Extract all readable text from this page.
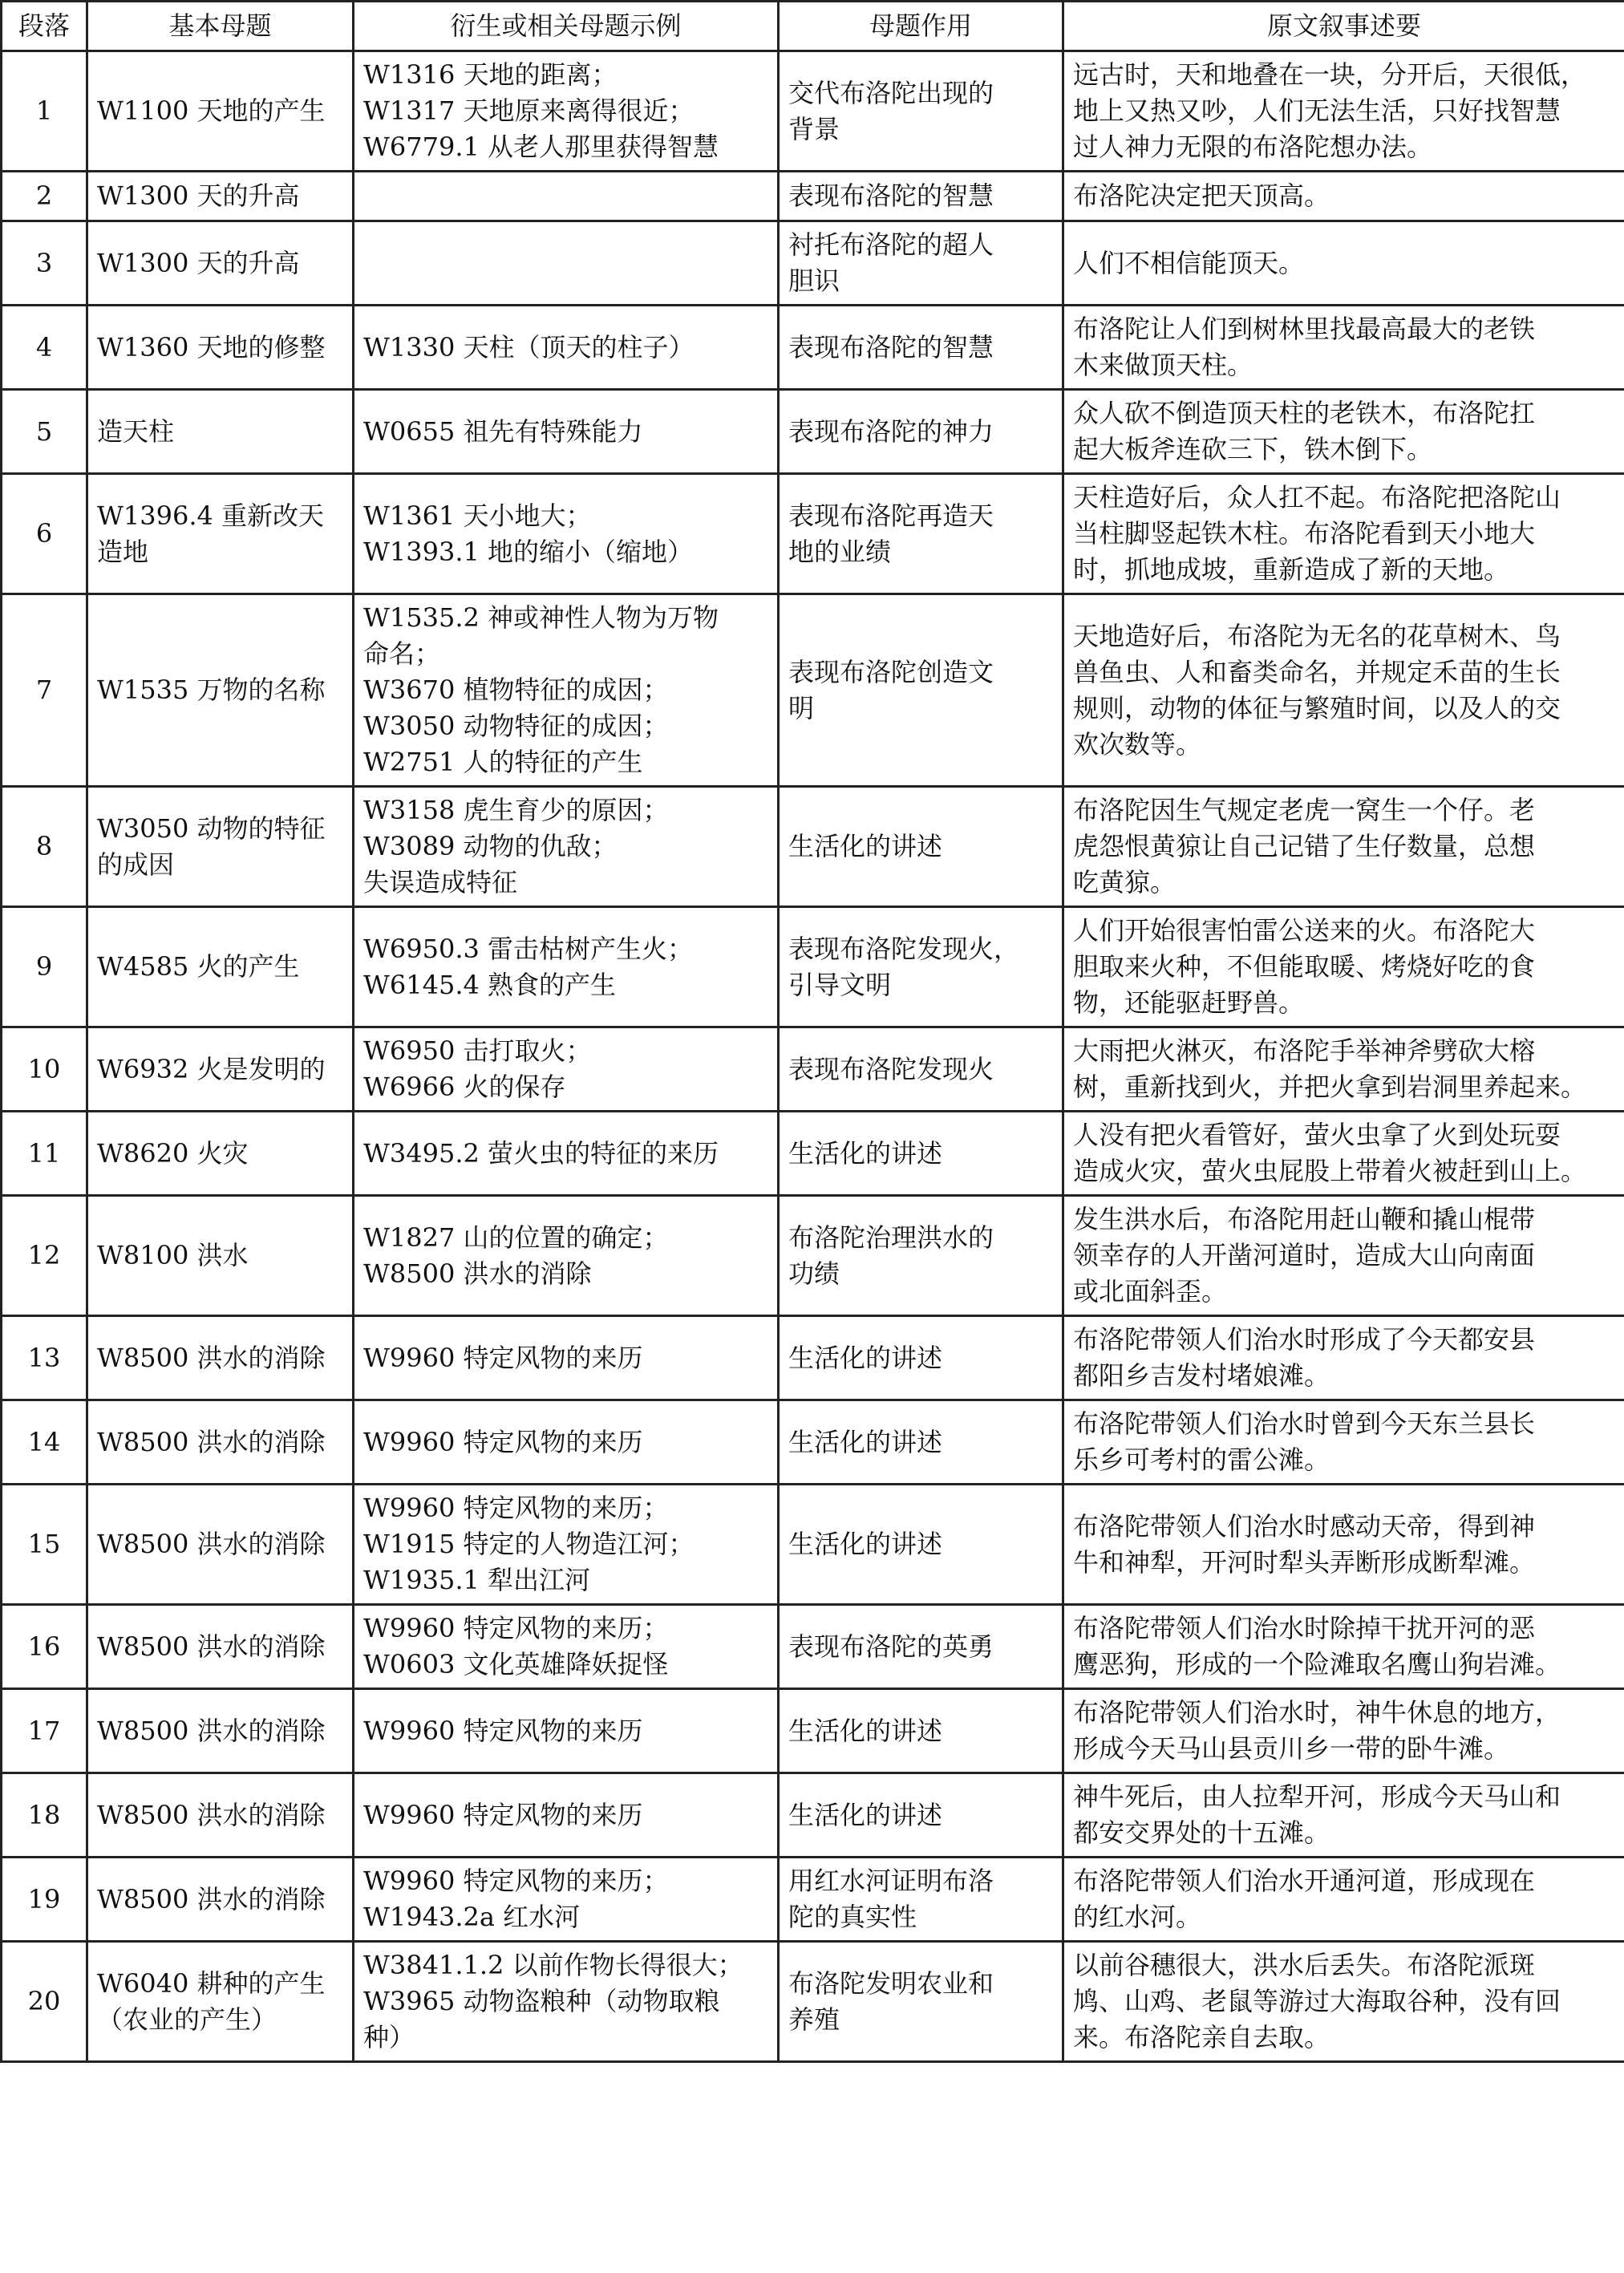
段落	基本母题	衍生或相关母题示例	母题作用	原文叙事述要
1	W1100 天地的产生	W1316 天地的距离；
W1317 天地原来离得很近；
W6779.1 从老人那里获得智慧	交代布洛陀出现的
背景	远古时，天和地叠在一块，分开后，天很低，
地上又热又吵，人们无法生活，只好找智慧
过人神力无限的布洛陀想办法。

2	W1300 天的升高		表现布洛陀的智慧	布洛陀决定把天顶高。

3	W1300 天的升高		衬托布洛陀的超人
胆识	人们不相信能顶天。

4	W1360 天地的修整	W1330 天柱（顶天的柱子）	表现布洛陀的智慧	布洛陀让人们到树林里找最高最大的老铁
木来做顶天柱。

5	造天柱	W0655 祖先有特殊能力	表现布洛陀的神力	众人砍不倒造顶天柱的老铁木，布洛陀扛
起大板斧连砍三下，铁木倒下。

6	W1396.4 重新改天
造地	W1361 天小地大；
W1393.1 地的缩小（缩地）	表现布洛陀再造天
地的业绩	天柱造好后，众人扛不起。布洛陀把洛陀山
当柱脚竖起铁木柱。布洛陀看到天小地大
时，抓地成坡，重新造成了新的天地。

7	W1535 万物的名称	W1535.2 神或神性人物为万物
命名；
W3670 植物特征的成因；
W3050 动物特征的成因；
W2751 人的特征的产生	表现布洛陀创造文
明	天地造好后，布洛陀为无名的花草树木、鸟
兽鱼虫、人和畜类命名，并规定禾苗的生长
规则，动物的体征与繁殖时间，以及人的交
欢次数等。

8	W3050 动物的特征
的成因	W3158 虎生育少的原因；
W3089 动物的仇敌；
失误造成特征	生活化的讲述	布洛陀因生气规定老虎一窝生一个仔。老
虎怨恨黄猄让自己记错了生仔数量，总想
吃黄猄。

9	W4585 火的产生	W6950.3 雷击枯树产生火；
W6145.4 熟食的产生	表现布洛陀发现火，
引导文明	人们开始很害怕雷公送来的火。布洛陀大
胆取来火种，不但能取暖、烤烧好吃的食
物，还能驱赶野兽。

10	W6932 火是发明的	W6950 击打取火；
W6966 火的保存	表现布洛陀发现火	大雨把火淋灭，布洛陀手举神斧劈砍大榕
树，重新找到火，并把火拿到岩洞里养起来。

11	W8620 火灾	W3495.2 萤火虫的特征的来历	生活化的讲述	人没有把火看管好，萤火虫拿了火到处玩耍
造成火灾，萤火虫屁股上带着火被赶到山上。

12	W8100 洪水	W1827 山的位置的确定；
W8500 洪水的消除	布洛陀治理洪水的
功绩	发生洪水后，布洛陀用赶山鞭和撬山棍带
领幸存的人开凿河道时，造成大山向南面
或北面斜歪。

13	W8500 洪水的消除	W9960 特定风物的来历	生活化的讲述	布洛陀带领人们治水时形成了今天都安县
都阳乡吉发村堵娘滩。

14	W8500 洪水的消除	W9960 特定风物的来历	生活化的讲述	布洛陀带领人们治水时曾到今天东兰县长
乐乡可考村的雷公滩。

15	W8500 洪水的消除	W9960 特定风物的来历；
W1915 特定的人物造江河；
W1935.1 犁出江河	生活化的讲述	布洛陀带领人们治水时感动天帝，得到神
牛和神犁，开河时犁头弄断形成断犁滩。

16	W8500 洪水的消除	W9960 特定风物的来历；
W0603 文化英雄降妖捉怪	表现布洛陀的英勇	布洛陀带领人们治水时除掉干扰开河的恶
鹰恶狗，形成的一个险滩取名鹰山狗岩滩。

17	W8500 洪水的消除	W9960 特定风物的来历	生活化的讲述	布洛陀带领人们治水时，神牛休息的地方，
形成今天马山县贡川乡一带的卧牛滩。

18	W8500 洪水的消除	W9960 特定风物的来历	生活化的讲述	神牛死后，由人拉犁开河，形成今天马山和
都安交界处的十五滩。

19	W8500 洪水的消除	W9960 特定风物的来历；
W1943.2a 红水河	用红水河证明布洛
陀的真实性	布洛陀带领人们治水开通河道，形成现在
的红水河。

20	W6040 耕种的产生
（农业的产生）	W3841.1.2 以前作物长得很大；
W3965 动物盗粮种（动物取粮
种）	布洛陀发明农业和
养殖	以前谷穗很大，洪水后丢失。布洛陀派斑
鸠、山鸡、老鼠等游过大海取谷种，没有回
来。布洛陀亲自去取。
